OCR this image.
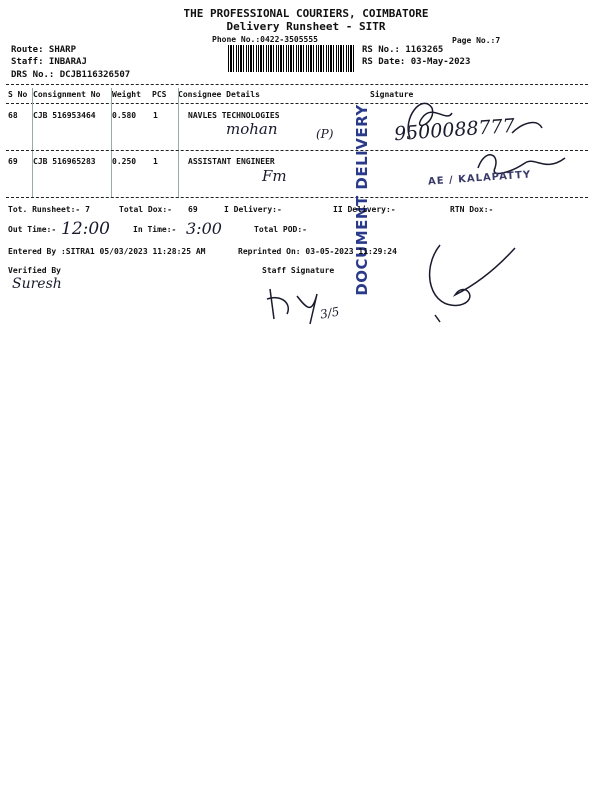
THE PROFESSIONAL COURIERS, COIMBATORE
Delivery Runsheet - SITR
Phone No.:0422-3505555	Page No.:7
Route: SHARP
Staff: INBARAJ
DRS No.: DCJB116326507
RS No.: 1163265
RS Date: 03-May-2023
S No Consignment No Weight PCS Consignee Details	Signature
68 CJB 516953464 0.580 1	NAVLES TECHNOLOGIES
mohan	(P)	9500088777
69 CJB 516965283 0.250 1	ASSISTANT ENGINEER
Fm	AE / KALAPATTY
DOCUMENT DELIVERY
Tot. Runsheet:- 7	Total Dox:- 69	I Delivery:-	II Delivery:-	RTN Dox:-
Out Time:- 12:00	In Time:- 3:00	Total POD:-
Entered By :SITRA1 05/03/2023 11:28:25 AM	Reprinted On: 03-05-2023 11:29:24
Verified By	Staff Signature
Suresh
3/5
